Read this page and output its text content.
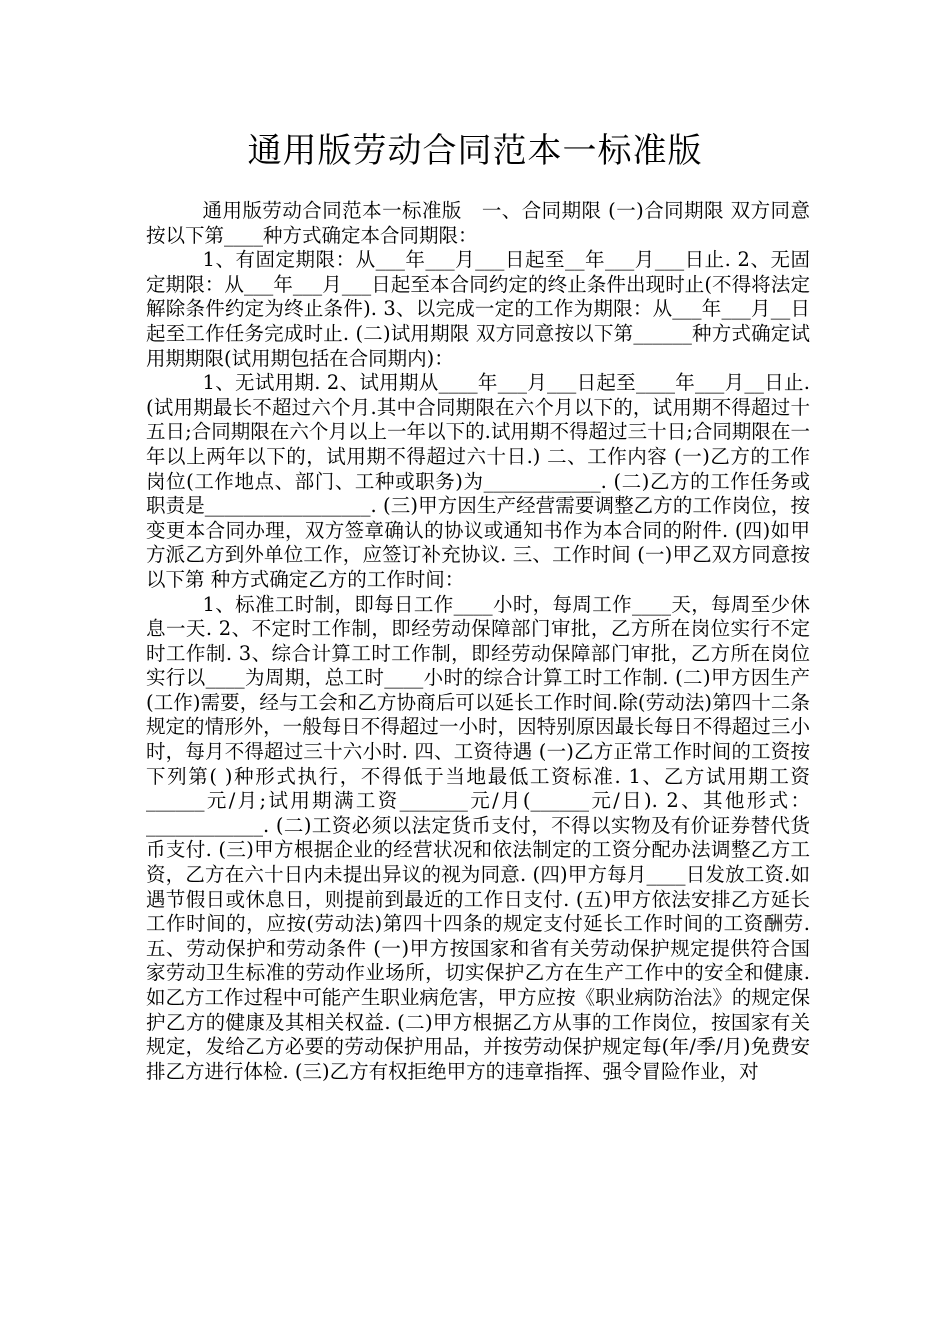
通用版劳动合同范本一标准版

通用版劳动合同范本一标准版　一、合同期限 (一)合同期限 双方同意按以下第____种方式确定本合同期限：

1、有固定期限：从___年___月___日起至__年___月___日止. 2、无固定期限：从___年___月___日起至本合同约定的终止条件出现时止(不得将法定解除条件约定为终止条件). 3、以完成一定的工作为期限：从___年___月__日起至工作任务完成时止. (二)试用期限 双方同意按以下第______种方式确定试用期期限(试用期包括在合同期内)：

1、无试用期. 2、试用期从____年___月___日起至____年___月__日止. (试用期最长不超过六个月.其中合同期限在六个月以下的，试用期不得超过十五日;合同期限在六个月以上一年以下的.试用期不得超过三十日;合同期限在一年以上两年以下的，试用期不得超过六十日.) 二、工作内容 (一)乙方的工作岗位(工作地点、部门、工种或职务)为____________. (二)乙方的工作任务或职责是_________________. (三)甲方因生产经营需要调整乙方的工作岗位，按变更本合同办理，双方签章确认的协议或通知书作为本合同的附件. (四)如甲方派乙方到外单位工作，应签订补充协议. 三、工作时间 (一)甲乙双方同意按以下第 种方式确定乙方的工作时间：

1、标准工时制，即每日工作____小时，每周工作____天，每周至少休息一天. 2、不定时工作制，即经劳动保障部门审批，乙方所在岗位实行不定时工作制. 3、综合计算工时工作制，即经劳动保障部门审批，乙方所在岗位实行以____为周期，总工时____小时的综合计算工时工作制. (二)甲方因生产(工作)需要，经与工会和乙方协商后可以延长工作时间.除(劳动法)第四十二条规定的情形外，一般每日不得超过一小时，因特别原因最长每日不得超过三小时，每月不得超过三十六小时. 四、工资待遇 (一)乙方正常工作时间的工资按下列第( )种形式执行，不得低于当地最低工资标准. 1、乙方试用期工资______元/月;试用期满工资_______元/月(______元/日). 2、其他形式：____________. (二)工资必须以法定货币支付，不得以实物及有价证券替代货币支付. (三)甲方根据企业的经营状况和依法制定的工资分配办法调整乙方工资，乙方在六十日内未提出异议的视为同意. (四)甲方每月____日发放工资.如遇节假日或休息日，则提前到最近的工作日支付. (五)甲方依法安排乙方延长工作时间的，应按(劳动法)第四十四条的规定支付延长工作时间的工资酬劳. 五、劳动保护和劳动条件 (一)甲方按国家和省有关劳动保护规定提供符合国家劳动卫生标准的劳动作业场所，切实保护乙方在生产工作中的安全和健康.如乙方工作过程中可能产生职业病危害，甲方应按《职业病防治法》的规定保护乙方的健康及其相关权益. (二)甲方根据乙方从事的工作岗位，按国家有关规定，发给乙方必要的劳动保护用品，并按劳动保护规定每(年/季/月)免费安排乙方进行体检. (三)乙方有权拒绝甲方的违章指挥、强令冒险作业，对
